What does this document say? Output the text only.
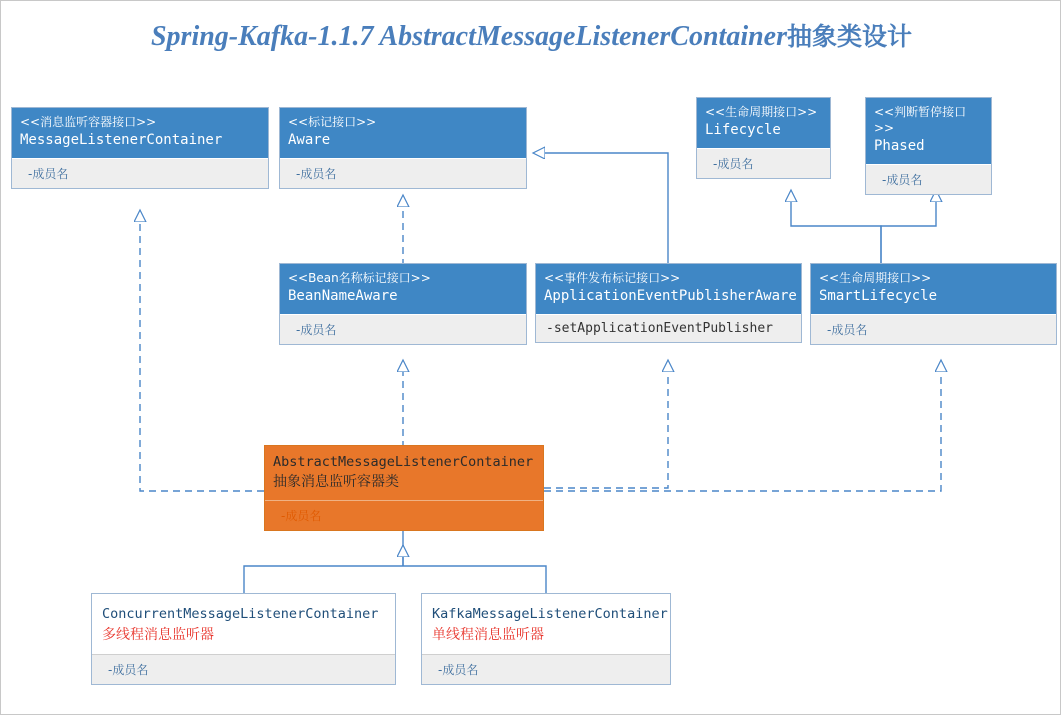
Spring-Kafka-1.1.7 AbstractMessageListenerContainer抽象类设计
<<消息监听容器接口>>
MessageListenerContainer
-成员名
<<标记接口>>
Aware
-成员名
<<生命周期接口>>
Lifecycle
-成员名
<<判断暂停接口>>
Phased
-成员名
<<Bean名称标记接口>>
BeanNameAware
-成员名
<<事件发布标记接口>>
ApplicationEventPublisherAware
-setApplicationEventPublisher
<<生命周期接口>>
SmartLifecycle
-成员名
AbstractMessageListenerContainer
抽象消息监听容器类
-成员名
ConcurrentMessageListenerContainer
多线程消息监听器
-成员名
KafkaMessageListenerContainer
单线程消息监听器
-成员名
